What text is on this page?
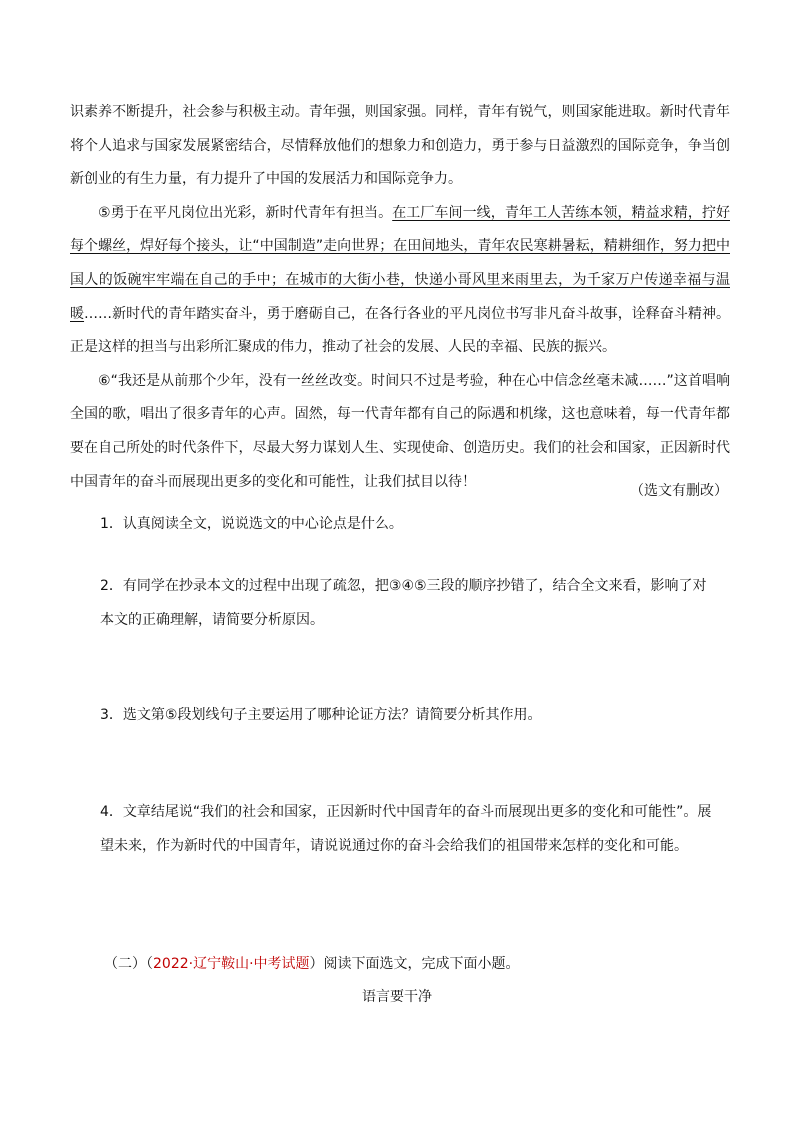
识素养不断提升，社会参与积极主动。青年强，则国家强。同样，青年有锐气，则国家能进取。新时代青年将个人追求与国家发展紧密结合，尽情释放他们的想象力和创造力，勇于参与日益激烈的国际竞争，争当创新创业的有生力量，有力提升了中国的发展活力和国际竞争力。

⑤勇于在平凡岗位出光彩，新时代青年有担当。在工厂车间一线，青年工人苦练本领，精益求精，拧好每个螺丝，焊好每个接头，让“中国制造”走向世界；在田间地头，青年农民寒耕暑耘，精耕细作，努力把中国人的饭碗牢牢端在自己的手中；在城市的大街小巷，快递小哥风里来雨里去，为千家万户传递幸福与温暖……新时代的青年踏实奋斗，勇于磨砺自己，在各行各业的平凡岗位书写非凡奋斗故事，诠释奋斗精神。正是这样的担当与出彩所汇聚成的伟力，推动了社会的发展、人民的幸福、民族的振兴。

⑥“我还是从前那个少年，没有一丝丝改变。时间只不过是考验，种在心中信念丝毫未减……”这首唱响全国的歌，唱出了很多青年的心声。固然，每一代青年都有自己的际遇和机缘，这也意味着，每一代青年都要在自己所处的时代条件下，尽最大努力谋划人生、实现使命、创造历史。我们的社会和国家，正因新时代中国青年的奋斗而展现出更多的变化和可能性，让我们拭目以待！

（选文有删改）

1．认真阅读全文，说说选文的中心论点是什么。

2．有同学在抄录本文的过程中出现了疏忽，把③④⑤三段的顺序抄错了，结合全文来看，影响了对本文的正确理解，请简要分析原因。

3．选文第⑤段划线句子主要运用了哪种论证方法？请简要分析其作用。

4．文章结尾说“我们的社会和国家，正因新时代中国青年的奋斗而展现出更多的变化和可能性”。展望未来，作为新时代的中国青年，请说说通过你的奋斗会给我们的祖国带来怎样的变化和可能。

（二）（2022·辽宁鞍山·中考试题）阅读下面选文，完成下面小题。
语言要干净
